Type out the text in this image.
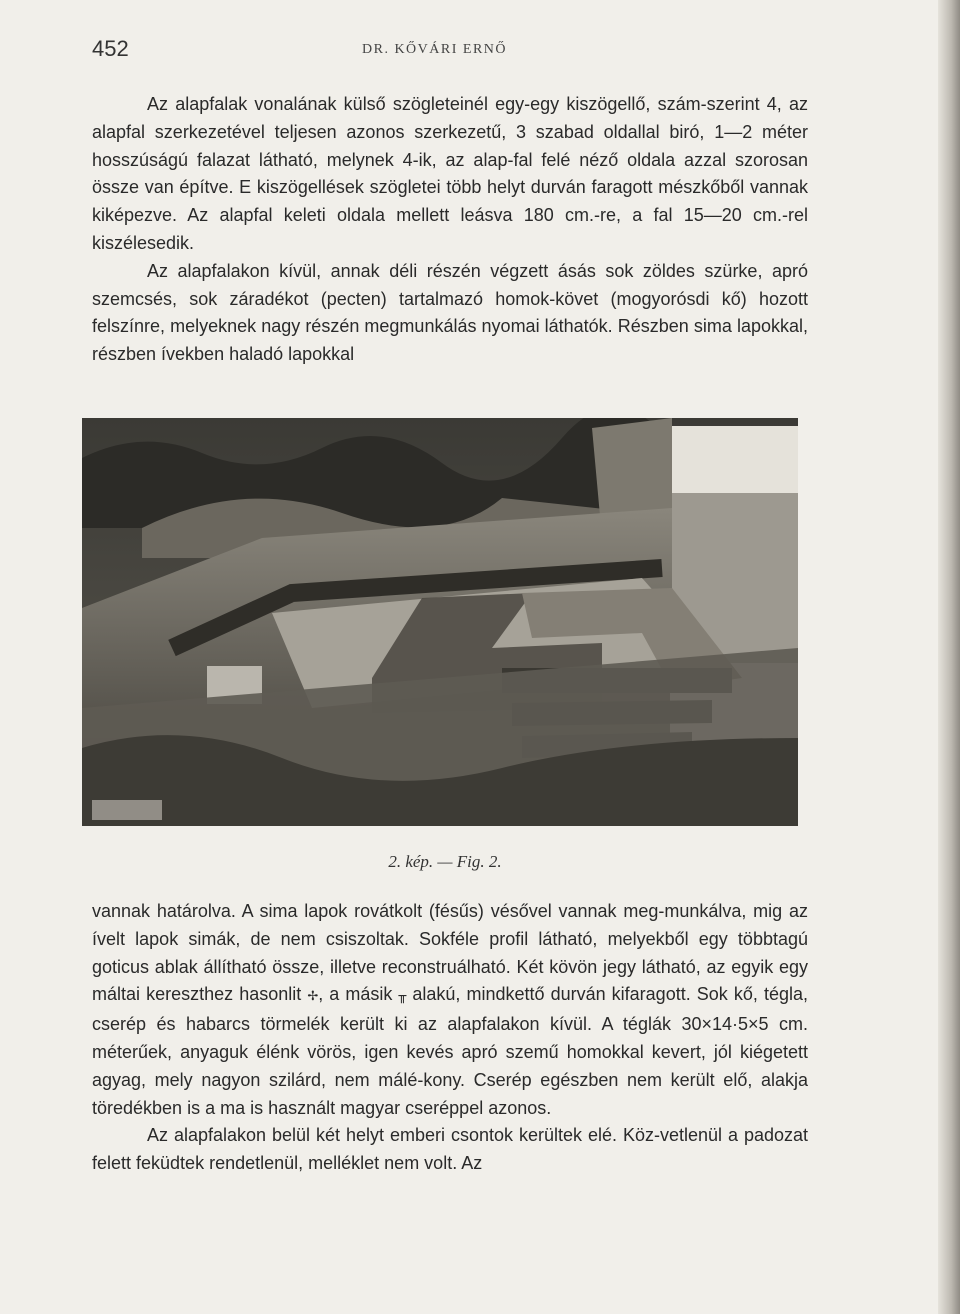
452	DR. KŐVÁRI ERNŐ

Az alapfalak vonalának külső szögleteinél egy-egy kiszögellő, szám-szerint 4, az alapfal szerkezetével teljesen azonos szerkezetű, 3 szabad oldallal biró, 1—2 méter hosszúságú falazat látható, melynek 4-ik, az alap-fal felé néző oldala azzal szorosan össze van építve. E kiszögellések szögletei több helyt durván faragott mészkőből vannak kiképezve. Az alapfal keleti oldala mellett leásva 180 cm.-re, a fal 15—20 cm.-rel kiszélesedik.

Az alapfalakon kívül, annak déli részén végzett ásás sok zöldes szürke, apró szemcsés, sok záradékot (pecten) tartalmazó homok-követ (mogyorósdi kő) hozott felszínre, melyeknek nagy részén megmunkálás nyomai láthatók. Részben sima lapokkal, részben ívekben haladó lapokkal

2. kép. — Fig. 2.

vannak határolva. A sima lapok rovátkolt (fésűs) vésővel vannak meg-munkálva, mig az ívelt lapok simák, de nem csiszoltak. Sokféle profil látható, melyekből egy többtagú goticus ablak állítható össze, illetve reconstruálható. Két kövön jegy látható, az egyik egy máltai kereszthez hasonlit ✢, a másik ╥ alakú, mindkettő durván kifaragott. Sok kő, tégla, cserép és habarcs törmelék került ki az alapfalakon kívül. A téglák 30×14·5×5 cm. méterűek, anyaguk élénk vörös, igen kevés apró szemű homokkal kevert, jól kiégetett agyag, mely nagyon szilárd, nem málé-kony. Cserép egészben nem került elő, alakja töredékben is a ma is használt magyar cseréppel azonos.

Az alapfalakon belül két helyt emberi csontok kerültek elé. Köz-vetlenül a padozat felett feküdtek rendetlenül, melléklet nem volt. Az
